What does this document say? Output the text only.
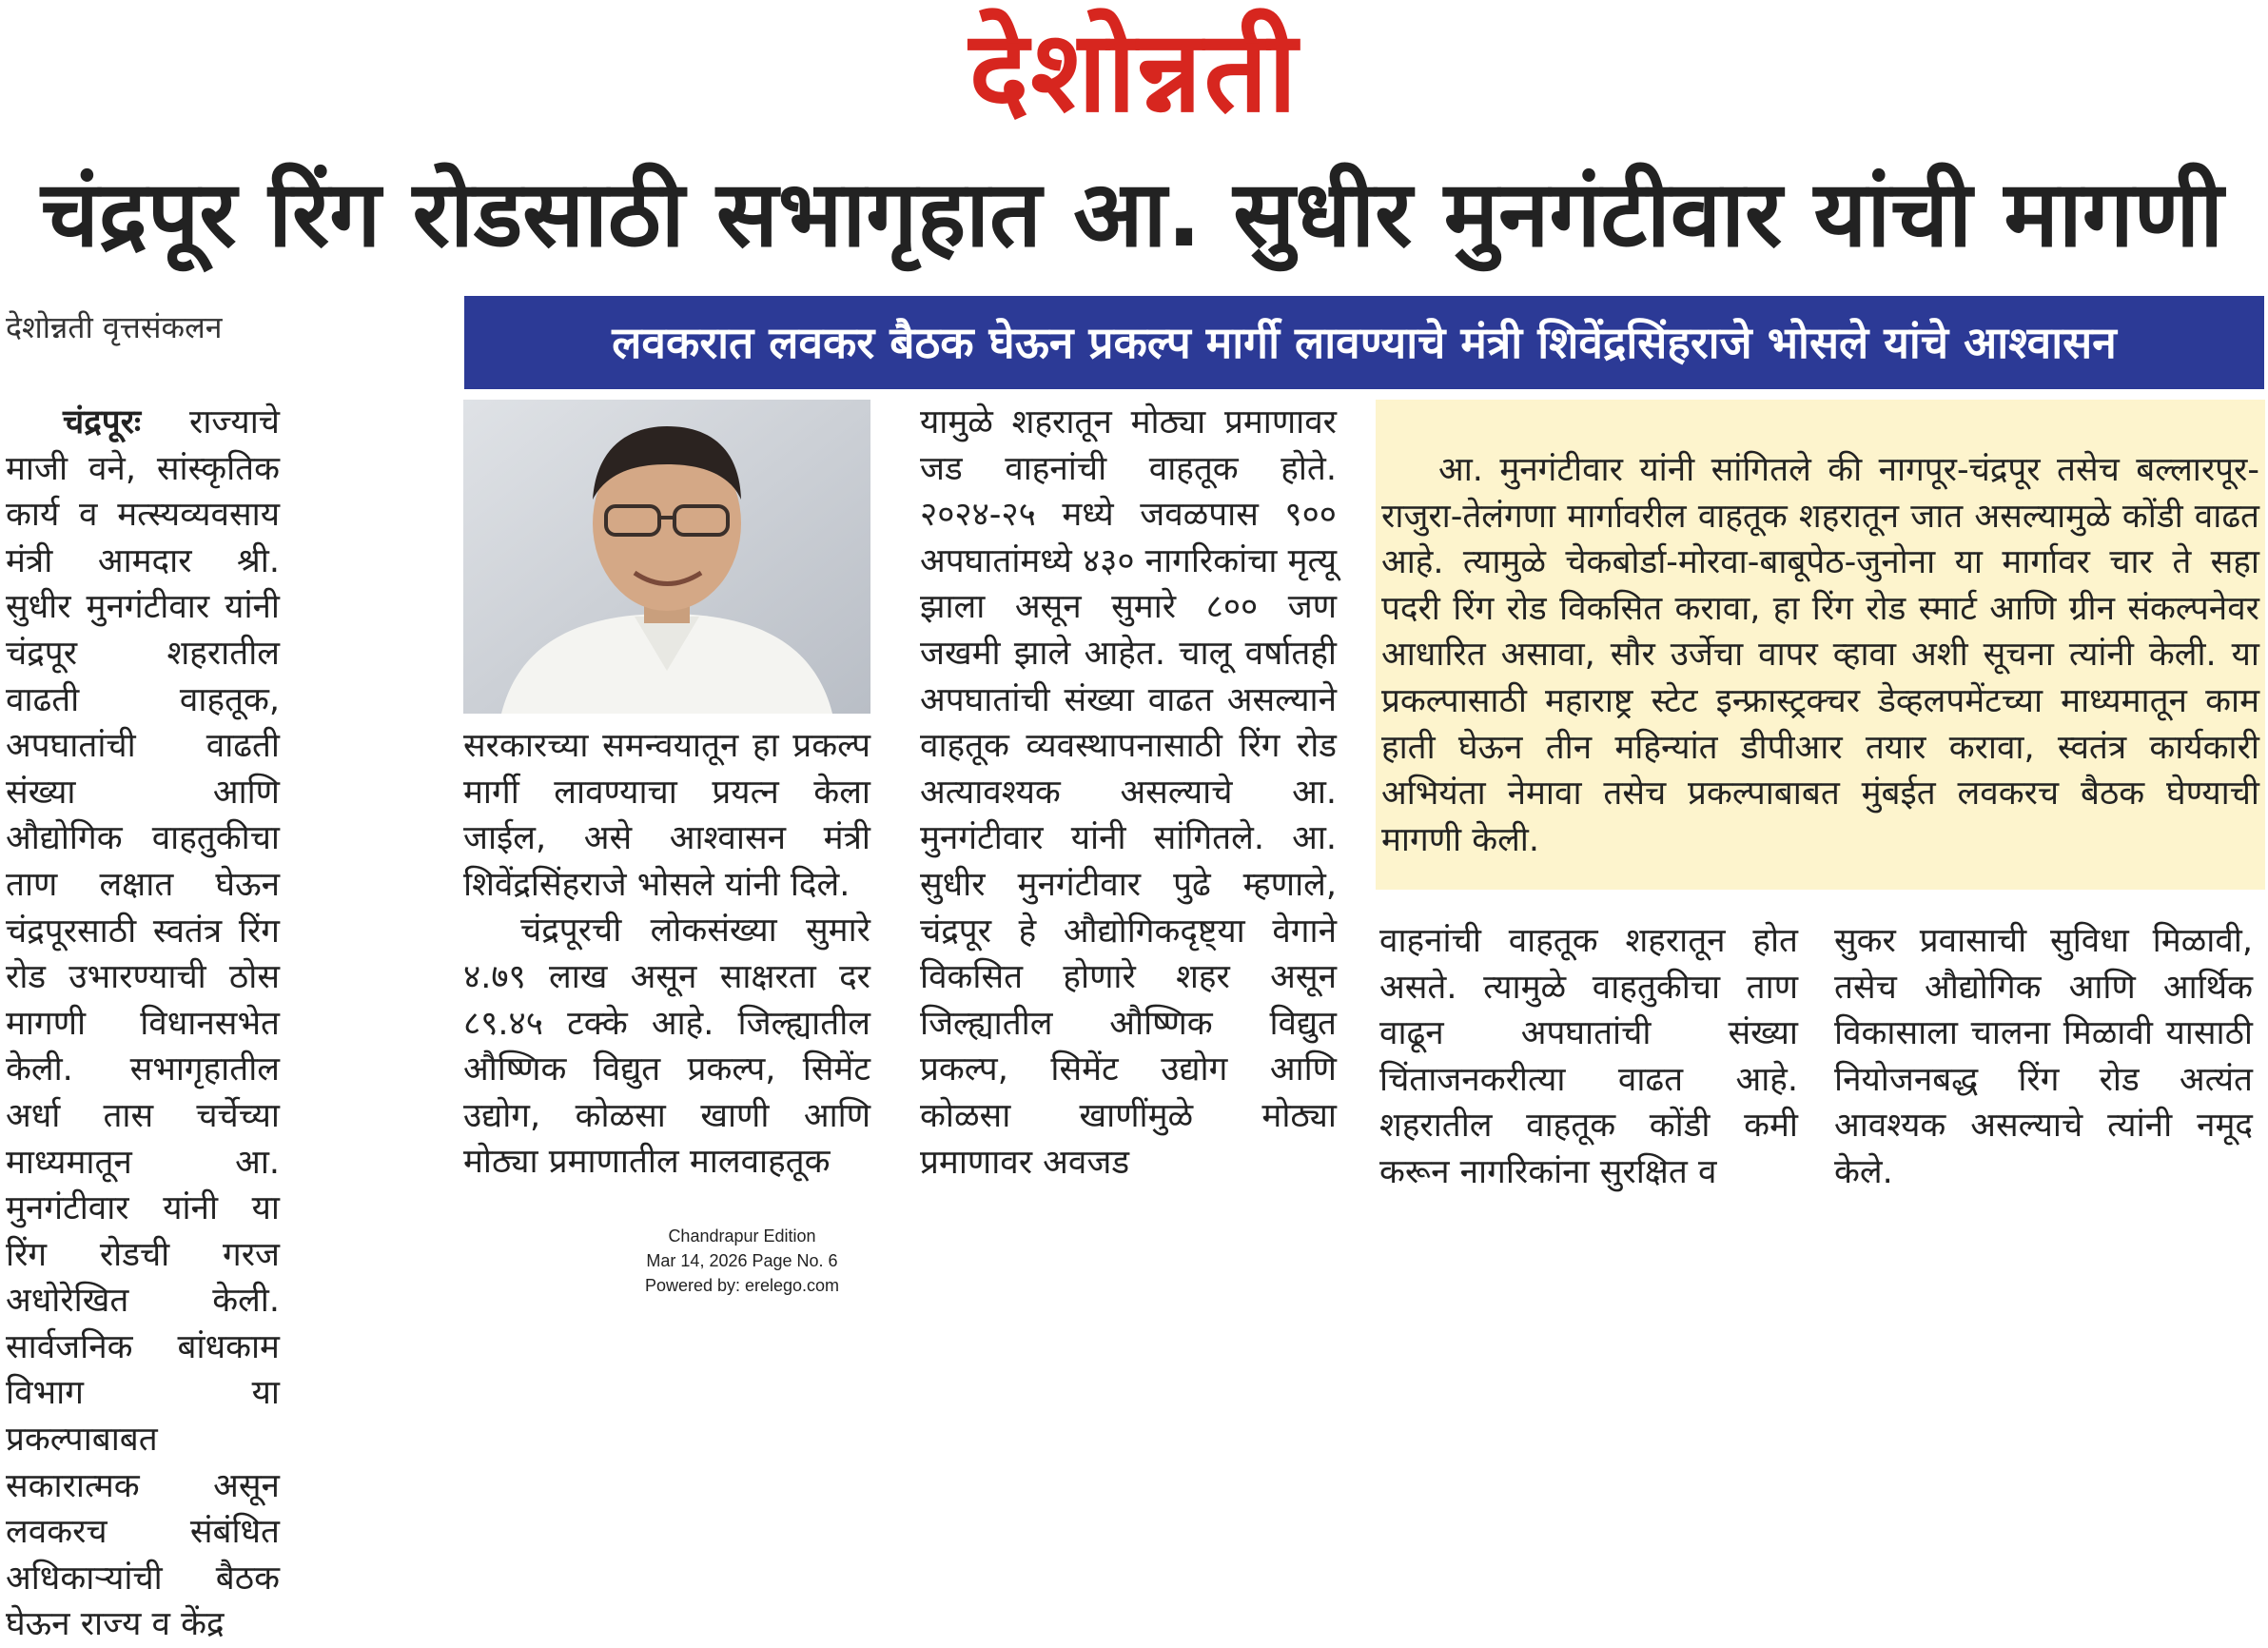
देशोन्नती
चंद्रपूर रिंग रोडसाठी सभागृहात आ. सुधीर मुनगंटीवार यांची मागणी
देशोन्नती वृत्तसंकलन	लवकरात लवकर बैठक घेऊन प्रकल्प मार्गी लावण्याचे मंत्री शिवेंद्रसिंहराजे भोसले यांचे आश्वासन

चंद्रपूरः राज्याचे माजी वने, सांस्कृतिक कार्य व मत्स्यव्यवसाय मंत्री आमदार श्री. सुधीर मुनगंटीवार यांनी चंद्रपूर शहरातील वाढती वाहतूक, अपघातांची वाढती संख्या आणि औद्योगिक वाहतुकीचा ताण लक्षात घेऊन चंद्रपूरसाठी स्वतंत्र रिंग रोड उभारण्याची ठोस मागणी विधानसभेत केली. सभागृहातील अर्धा तास चर्चेच्या माध्यमातून आ. मुनगंटीवार यांनी या रिंग रोडची गरज अधोरेखित केली. सार्वजनिक बांधकाम विभाग या प्रकल्पाबाबत सकारात्मक असून लवकरच संबंधित अधिकाऱ्यांची बैठक घेऊन राज्य व केंद्र

सरकारच्या समन्वयातून हा प्रकल्प मार्गी लावण्याचा प्रयत्न केला जाईल, असे आश्वासन मंत्री शिवेंद्रसिंहराजे भोसले यांनी दिले.

चंद्रपूरची लोकसंख्या सुमारे ४.७९ लाख असून साक्षरता दर ८९.४५ टक्के आहे. जिल्ह्यातील औष्णिक विद्युत प्रकल्प, सिमेंट उद्योग, कोळसा खाणी आणि मोठ्या प्रमाणातील मालवाहतूक

यामुळे शहरातून मोठ्या प्रमाणावर जड वाहनांची वाहतूक होते. २०२४-२५ मध्ये जवळपास ९०० अपघातांमध्ये ४३० नागरिकांचा मृत्यू झाला असून सुमारे ८०० जण जखमी झाले आहेत. चालू वर्षातही अपघातांची संख्या वाढत असल्याने वाहतूक व्यवस्थापनासाठी रिंग रोड अत्यावश्यक असल्याचे आ. मुनगंटीवार यांनी सांगितले. आ. सुधीर मुनगंटीवार पुढे म्हणाले, चंद्रपूर हे औद्योगिकदृष्ट्या वेगाने विकसित होणारे शहर असून जिल्ह्यातील औष्णिक विद्युत प्रकल्प, सिमेंट उद्योग आणि कोळसा खाणींमुळे मोठ्या प्रमाणावर अवजड

आ. मुनगंटीवार यांनी सांगितले की नागपूर-चंद्रपूर तसेच बल्लारपूर-राजुरा-तेलंगणा मार्गावरील वाहतूक शहरातून जात असल्यामुळे कोंडी वाढत आहे. त्यामुळे चेकबोर्डा-मोरवा-बाबूपेठ-जुनोना या मार्गावर चार ते सहा पदरी रिंग रोड विकसित करावा, हा रिंग रोड स्मार्ट आणि ग्रीन संकल्पनेवर आधारित असावा, सौर उर्जेचा वापर व्हावा अशी सूचना त्यांनी केली. या प्रकल्पासाठी महाराष्ट्र स्टेट इन्फ्रास्ट्रक्चर डेव्हलपमेंटच्या माध्यमातून काम हाती घेऊन तीन महिन्यांत डीपीआर तयार करावा, स्वतंत्र कार्यकारी अभियंता नेमावा तसेच प्रकल्पाबाबत मुंबईत लवकरच बैठक घेण्याची मागणी केली.

वाहनांची वाहतूक शहरातून होत असते. त्यामुळे वाहतुकीचा ताण वाढून अपघातांची संख्या चिंताजनकरीत्या वाढत आहे. शहरातील वाहतूक कोंडी कमी करून नागरिकांना सुरक्षित व

सुकर प्रवासाची सुविधा मिळावी, तसेच औद्योगिक आणि आर्थिक विकासाला चालना मिळावी यासाठी नियोजनबद्ध रिंग रोड अत्यंत आवश्यक असल्याचे त्यांनी नमूद केले.

Chandrapur Edition
Mar 14, 2026 Page No. 6
Powered by: erelego.com
